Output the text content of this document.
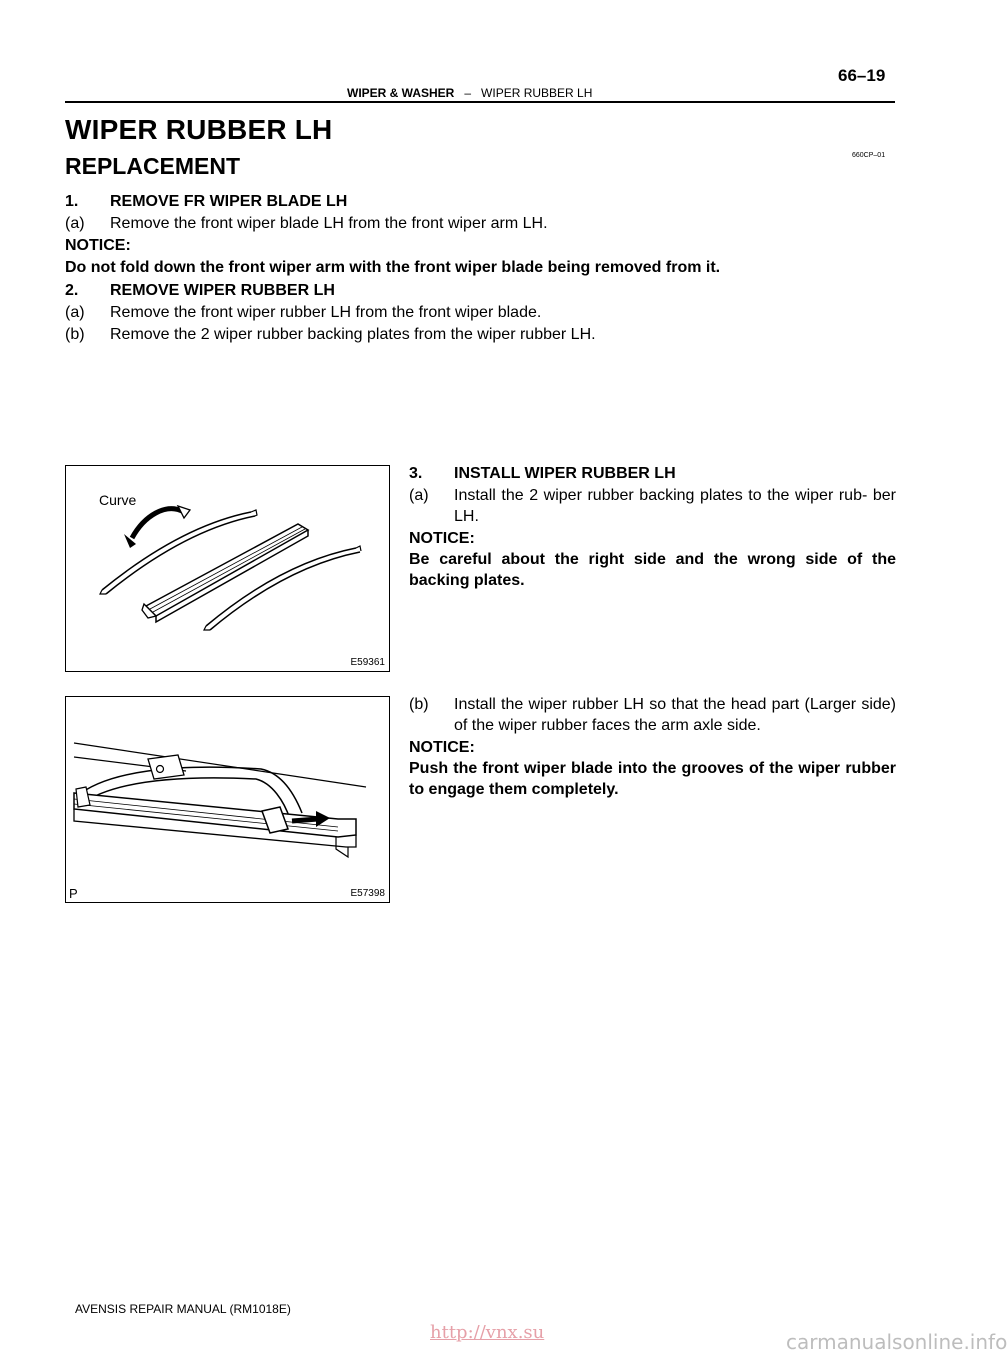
WIPER & WASHER – WIPER RUBBER LH
66–19
WIPER RUBBER LH
660CP–01
REPLACEMENT
1. REMOVE FR WIPER BLADE LH
(a) Remove the front wiper blade LH from the front wiper arm LH.
NOTICE:
Do not fold down the front wiper arm with the front wiper blade being removed from it.
2. REMOVE WIPER RUBBER LH
(a) Remove the front wiper rubber LH from the front wiper blade.
(b) Remove the 2 wiper rubber backing plates from the wiper rubber LH.
Curve
E59361
3. INSTALL WIPER RUBBER LH
(a) Install the 2 wiper rubber backing plates to the wiper rub- ber LH.
NOTICE:
Be careful about the right side and the wrong side of the backing plates.
P	E57398
(b) Install the wiper rubber LH so that the head part (Larger side) of the wiper rubber faces the arm axle side.
NOTICE:
Push the front wiper blade into the grooves of the wiper rubber to engage them completely.
AVENSIS REPAIR MANUAL (RM1018E)
http://vnx.su	carmanualsonline.info
